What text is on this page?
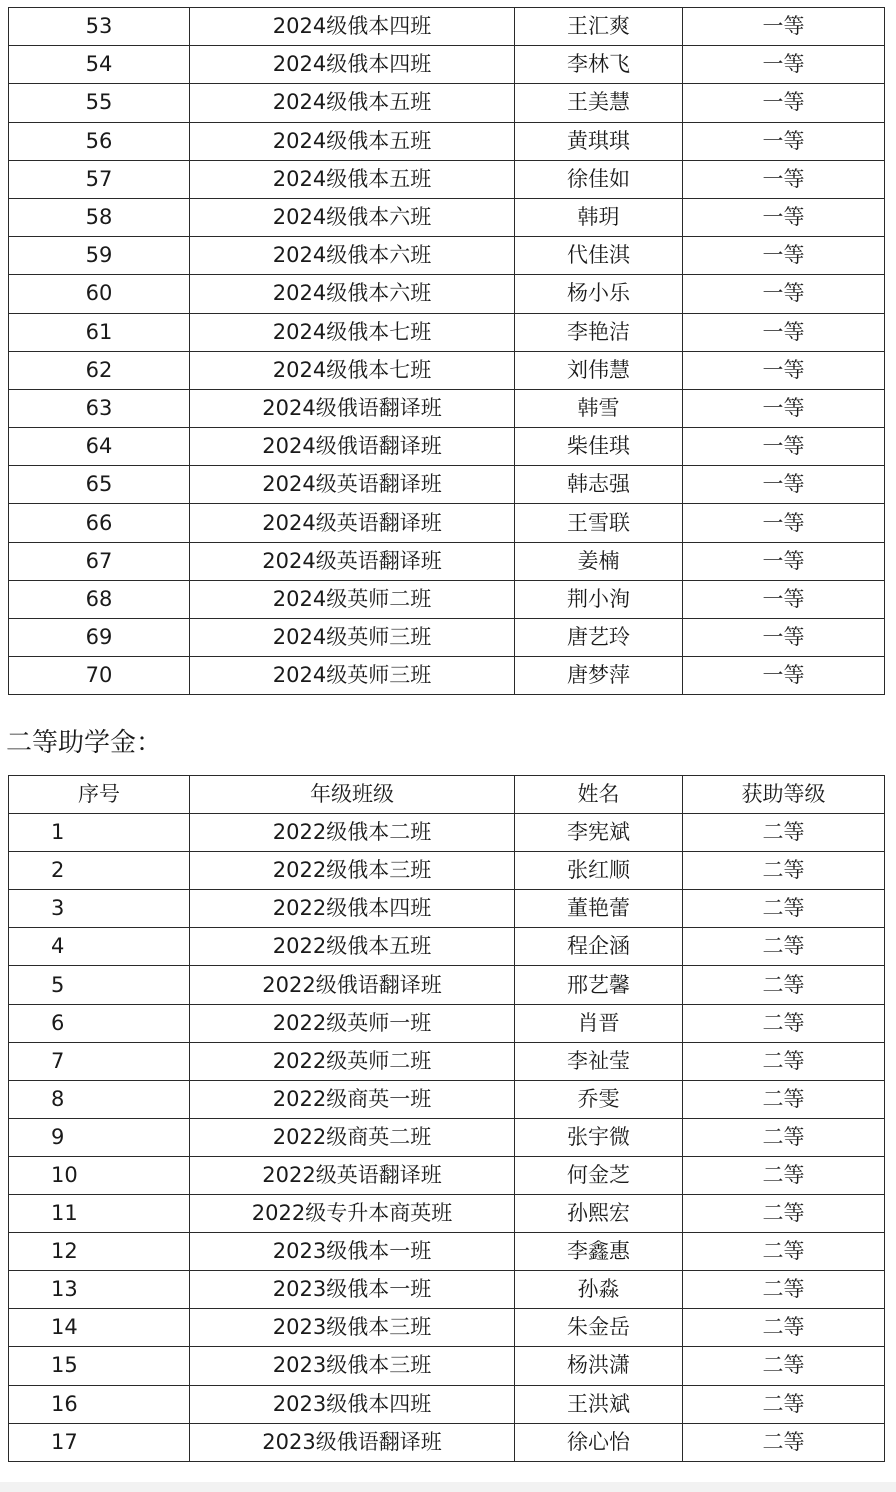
53	2024级俄本四班	王汇爽	一等
54	2024级俄本四班	李林飞	一等
55	2024级俄本五班	王美慧	一等
56	2024级俄本五班	黄琪琪	一等
57	2024级俄本五班	徐佳如	一等
58	2024级俄本六班	韩玥	一等
59	2024级俄本六班	代佳淇	一等
60	2024级俄本六班	杨小乐	一等
61	2024级俄本七班	李艳洁	一等
62	2024级俄本七班	刘伟慧	一等
63	2024级俄语翻译班	韩雪	一等
64	2024级俄语翻译班	柴佳琪	一等
65	2024级英语翻译班	韩志强	一等
66	2024级英语翻译班	王雪联	一等
67	2024级英语翻译班	姜楠	一等
68	2024级英师二班	荆小洵	一等
69	2024级英师三班	唐艺玲	一等
70	2024级英师三班	唐梦萍	一等
二等助学金：
序号	年级班级	姓名	获助等级
1	2022级俄本二班	李宪斌	二等
2	2022级俄本三班	张红顺	二等
3	2022级俄本四班	董艳蕾	二等
4	2022级俄本五班	程企涵	二等
5	2022级俄语翻译班	邢艺馨	二等
6	2022级英师一班	肖晋	二等
7	2022级英师二班	李祉莹	二等
8	2022级商英一班	乔雯	二等
9	2022级商英二班	张宇微	二等
10	2022级英语翻译班	何金芝	二等
11	2022级专升本商英班	孙熙宏	二等
12	2023级俄本一班	李鑫惠	二等
13	2023级俄本一班	孙淼	二等
14	2023级俄本三班	朱金岳	二等
15	2023级俄本三班	杨洪潇	二等
16	2023级俄本四班	王洪斌	二等
17	2023级俄语翻译班	徐心怡	二等
